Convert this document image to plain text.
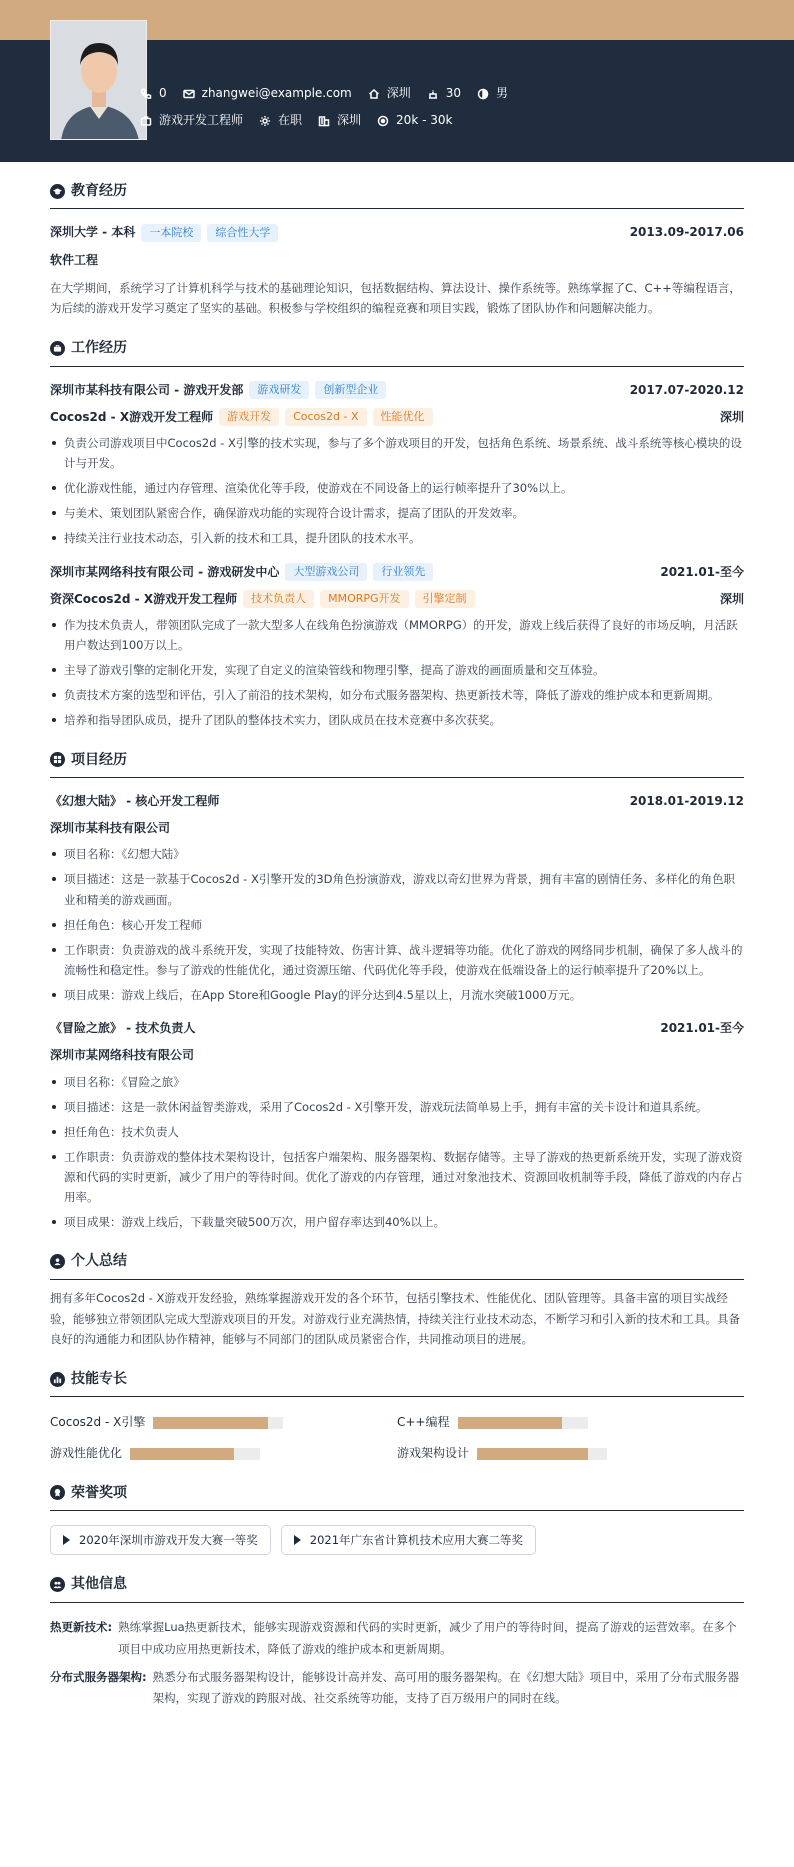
0	zhangwei@example.com	深圳	30	男
游戏开发工程师	在职	深圳	20k - 30k
教育经历
深圳大学 - 本科	一本院校	综合性大学	2013.09-2017.06
软件工程
在大学期间，系统学习了计算机科学与技术的基础理论知识，包括数据结构、算法设计、操作系统等。熟练掌握了C、C++等编程语言，为后续的游戏开发学习奠定了坚实的基础。积极参与学校组织的编程竞赛和项目实践，锻炼了团队协作和问题解决能力。
工作经历
深圳市某科技有限公司 - 游戏开发部	游戏研发	创新型企业	2017.07-2020.12
Cocos2d - X游戏开发工程师	游戏开发	Cocos2d - X	性能优化	深圳
负责公司游戏项目中Cocos2d - X引擎的技术实现，参与了多个游戏项目的开发，包括角色系统、场景系统、战斗系统等核心模块的设计与开发。
优化游戏性能，通过内存管理、渲染优化等手段，使游戏在不同设备上的运行帧率提升了30%以上。
与美术、策划团队紧密合作，确保游戏功能的实现符合设计需求，提高了团队的开发效率。
持续关注行业技术动态，引入新的技术和工具，提升团队的技术水平。
深圳市某网络科技有限公司 - 游戏研发中心	大型游戏公司	行业领先	2021.01-至今
资深Cocos2d - X游戏开发工程师	技术负责人	MMORPG开发	引擎定制	深圳
作为技术负责人，带领团队完成了一款大型多人在线角色扮演游戏（MMORPG）的开发，游戏上线后获得了良好的市场反响，月活跃用户数达到100万以上。
主导了游戏引擎的定制化开发，实现了自定义的渲染管线和物理引擎，提高了游戏的画面质量和交互体验。
负责技术方案的选型和评估，引入了前沿的技术架构，如分布式服务器架构、热更新技术等，降低了游戏的维护成本和更新周期。
培养和指导团队成员，提升了团队的整体技术实力，团队成员在技术竞赛中多次获奖。
项目经历
《幻想大陆》 - 核心开发工程师	2018.01-2019.12
深圳市某科技有限公司
项目名称：《幻想大陆》
项目描述：这是一款基于Cocos2d - X引擎开发的3D角色扮演游戏，游戏以奇幻世界为背景，拥有丰富的剧情任务、多样化的角色职业和精美的游戏画面。
担任角色：核心开发工程师
工作职责：负责游戏的战斗系统开发，实现了技能特效、伤害计算、战斗逻辑等功能。优化了游戏的网络同步机制，确保了多人战斗的流畅性和稳定性。参与了游戏的性能优化，通过资源压缩、代码优化等手段，使游戏在低端设备上的运行帧率提升了20%以上。
项目成果：游戏上线后，在App Store和Google Play的评分达到4.5星以上，月流水突破1000万元。
《冒险之旅》 - 技术负责人	2021.01-至今
深圳市某网络科技有限公司
项目名称：《冒险之旅》
项目描述：这是一款休闲益智类游戏，采用了Cocos2d - X引擎开发，游戏玩法简单易上手，拥有丰富的关卡设计和道具系统。
担任角色：技术负责人
工作职责：负责游戏的整体技术架构设计，包括客户端架构、服务器架构、数据存储等。主导了游戏的热更新系统开发，实现了游戏资源和代码的实时更新，减少了用户的等待时间。优化了游戏的内存管理，通过对象池技术、资源回收机制等手段，降低了游戏的内存占用率。
项目成果：游戏上线后，下载量突破500万次，用户留存率达到40%以上。
个人总结
拥有多年Cocos2d - X游戏开发经验，熟练掌握游戏开发的各个环节，包括引擎技术、性能优化、团队管理等。具备丰富的项目实战经验，能够独立带领团队完成大型游戏项目的开发。对游戏行业充满热情，持续关注行业技术动态，不断学习和引入新的技术和工具。具备良好的沟通能力和团队协作精神，能够与不同部门的团队成员紧密合作，共同推动项目的进展。
技能专长
Cocos2d - X引擎	C++编程
游戏性能优化	游戏架构设计
荣誉奖项
2020年深圳市游戏开发大赛一等奖	2021年广东省计算机技术应用大赛二等奖
其他信息
热更新技术: 熟练掌握Lua热更新技术，能够实现游戏资源和代码的实时更新，减少了用户的等待时间，提高了游戏的运营效率。在多个项目中成功应用热更新技术，降低了游戏的维护成本和更新周期。
分布式服务器架构: 熟悉分布式服务器架构设计，能够设计高并发、高可用的服务器架构。在《幻想大陆》项目中，采用了分布式服务器架构，实现了游戏的跨服对战、社交系统等功能，支持了百万级用户的同时在线。
